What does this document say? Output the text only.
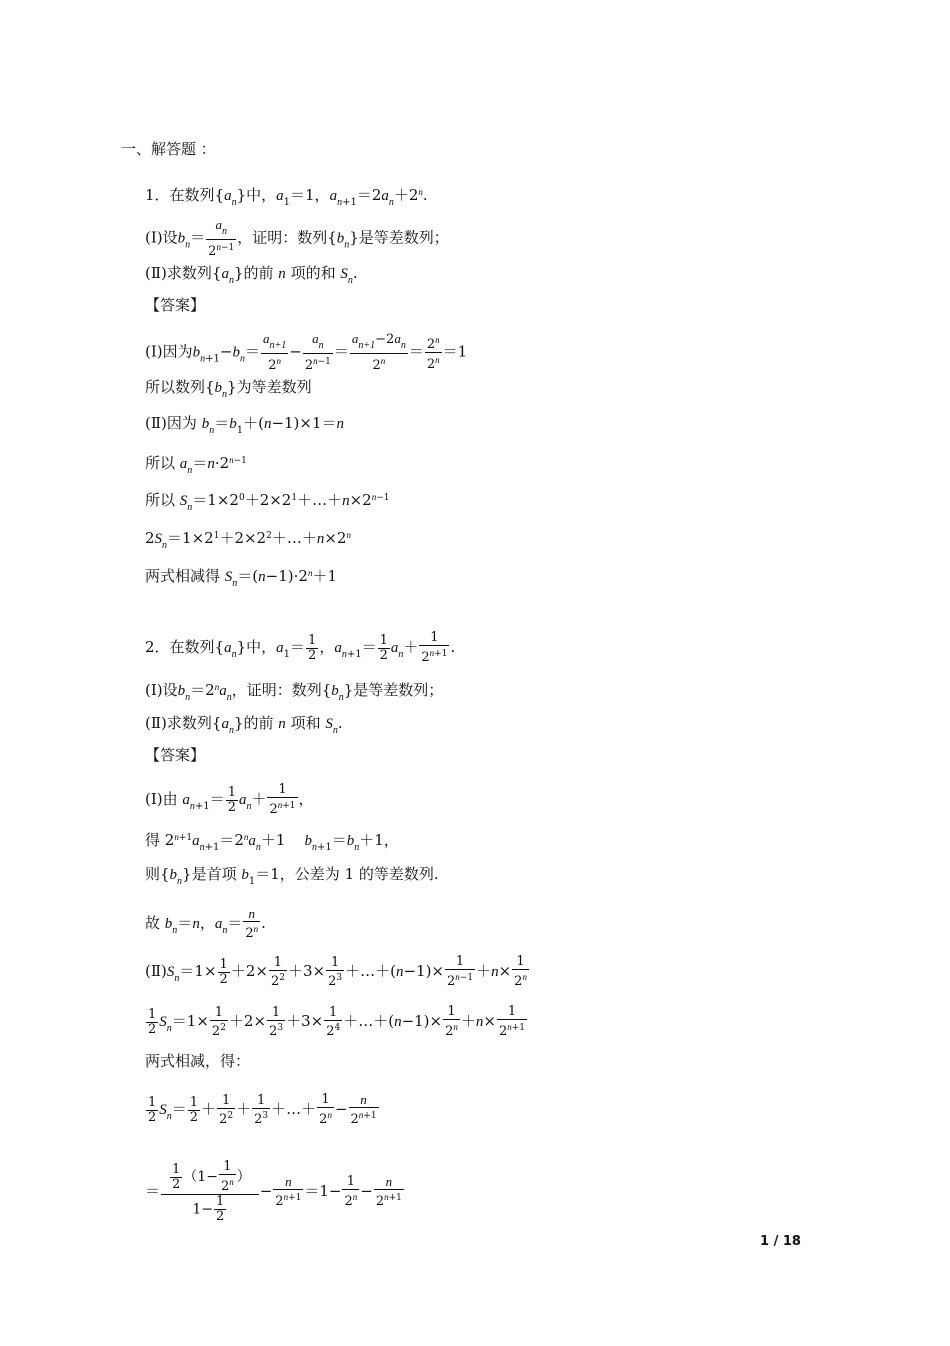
一、解答题 ：
1．在数列$\{a_n\}$中，$a_1=1$，$a_{n+1}=2a_n+2^n$.
(Ⅰ)设$b_n= \frac{a_n}{2^{n-1}}$ ，证明：数列$\{b_n\}$是等差数列；
(Ⅱ)求数列$\{a_n\}$的前 n 项的和 $S_n$.
【答案】
(Ⅰ)因为$b_{n+1}-b_n= \frac{a_{n+1}}{2^n} - \frac{a_n}{2^{n-1}} = \frac{a_{n+1}-2a_n}{2^n} = \frac{2^n}{2^n} =1$
所以数列$\{b_n\}$为等差数列
(Ⅱ)因为 $b_n=b_1+(n-1)\times 1=n$
所以 $a_n=n\cdot 2^{n-1}$
所以 $S_n=1\times 2^0+2\times 2^1+\dots+n\times 2^{n-1}$
$2S_n=1\times 2^1+2\times 2^2+\dots+n\times 2^n$
两式相减得 $S_n=(n-1)\cdot 2^n+1$
2．在数列$\{a_n\}$中，$a_1= \frac{1}{2}$ ，$a_{n+1}= \frac{1}{2} a_n+ \frac{1}{2^{n+1}}$ .
(Ⅰ)设$b_n=2^na_n$，证明：数列$\{b_n\}$是等差数列；
(Ⅱ)求数列$\{a_n\}$的前 n 项和 $S_n$.
【答案】
(Ⅰ)由 $a_{n+1}= \frac{1}{2} a_n+ \frac{1}{2^{n+1}}$ ，
得 $2^{n+1}a_{n+1}=2^na_n+1$    $b_{n+1}=b_n+1$，
则$\{b_n\}$是首项 $b_1=1$，公差为 1 的等差数列.
故 $b_n=n$，$a_n= \frac{n}{2^n}$ .
$(Ⅱ)S_n=1\times \frac{1}{2} +2\times \frac{1}{2^2} +3\times \frac{1}{2^3}$ ＋…＋(n−1)× $\frac{1}{2^{n-1}} +n\times \frac{1}{2^n}$
$\frac{1}{2} S_n=1\times \frac{1}{2^2} +2\times \frac{1}{2^3} +3\times \frac{1}{2^4}$ ＋…＋(n−1)× $\frac{1}{2^n} +n\times \frac{1}{2^{n+1}}$
两式相减，得：
$\frac{1}{2} S_n= \frac{1}{2} + \frac{1}{2^2} + \frac{1}{2^3}$ ＋…＋ $\frac{1}{2^n} - \frac{n}{2^{n+1}}$
＝ $\frac{\frac{1}{2} (1- \frac{1}{2^n} )}{1- \frac{1}{2}} - \frac{n}{2^{n+1}} =1- \frac{1}{2^n} - \frac{n}{2^{n+1}}$
1 / 18
